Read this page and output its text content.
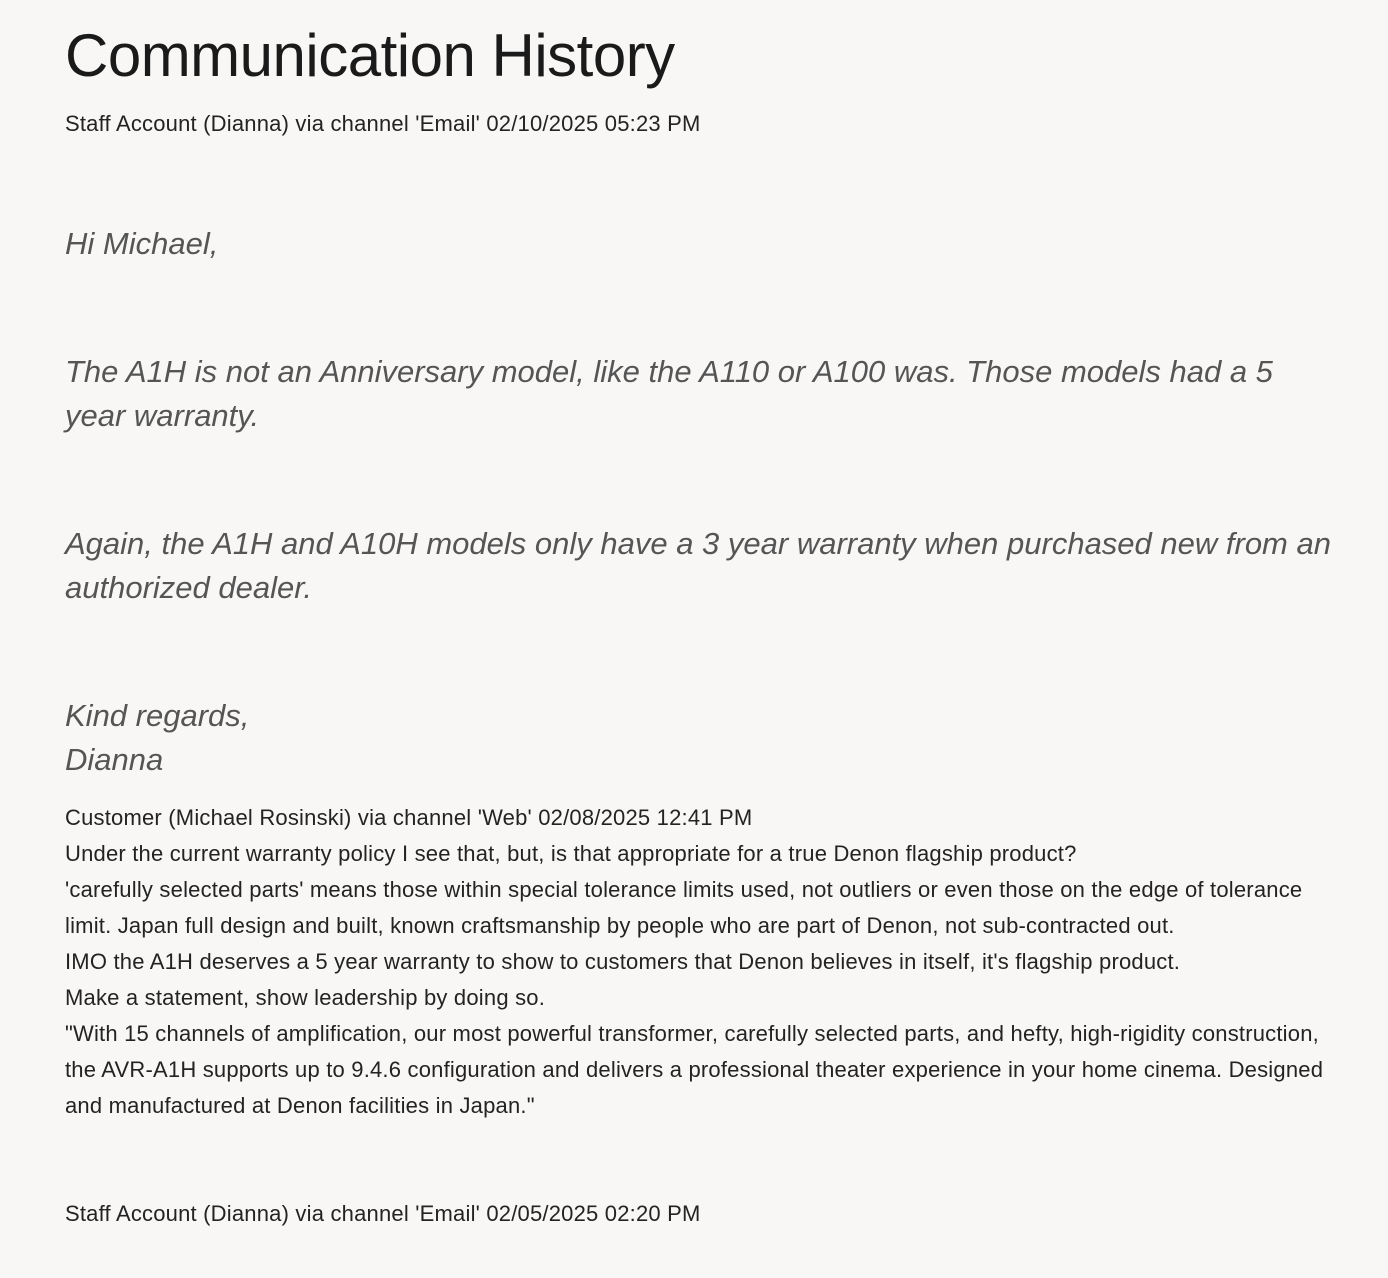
Communication History
Staff Account (Dianna) via channel 'Email' 02/10/2025 05:23 PM

Hi Michael,

The A1H is not an Anniversary model, like the A110 or A100 was. Those models had a 5 year warranty.

Again, the A1H and A10H models only have a 3 year warranty when purchased new from an authorized dealer.

Kind regards,

Dianna

Customer (Michael Rosinski) via channel 'Web' 02/08/2025 12:41 PM
Under the current warranty policy I see that, but, is that appropriate for a true Denon flagship product?
'carefully selected parts' means those within special tolerance limits used, not outliers or even those on the edge of tolerance limit. Japan full design and built, known craftsmanship by people who are part of Denon, not sub-contracted out.
IMO the A1H deserves a 5 year warranty to show to customers that Denon believes in itself, it's flagship product.
Make a statement, show leadership by doing so.
"With 15 channels of amplification, our most powerful transformer, carefully selected parts, and hefty, high-rigidity construction, the AVR-A1H supports up to 9.4.6 configuration and delivers a professional theater experience in your home cinema. Designed and manufactured at Denon facilities in Japan."
Staff Account (Dianna) via channel 'Email' 02/05/2025 02:20 PM
